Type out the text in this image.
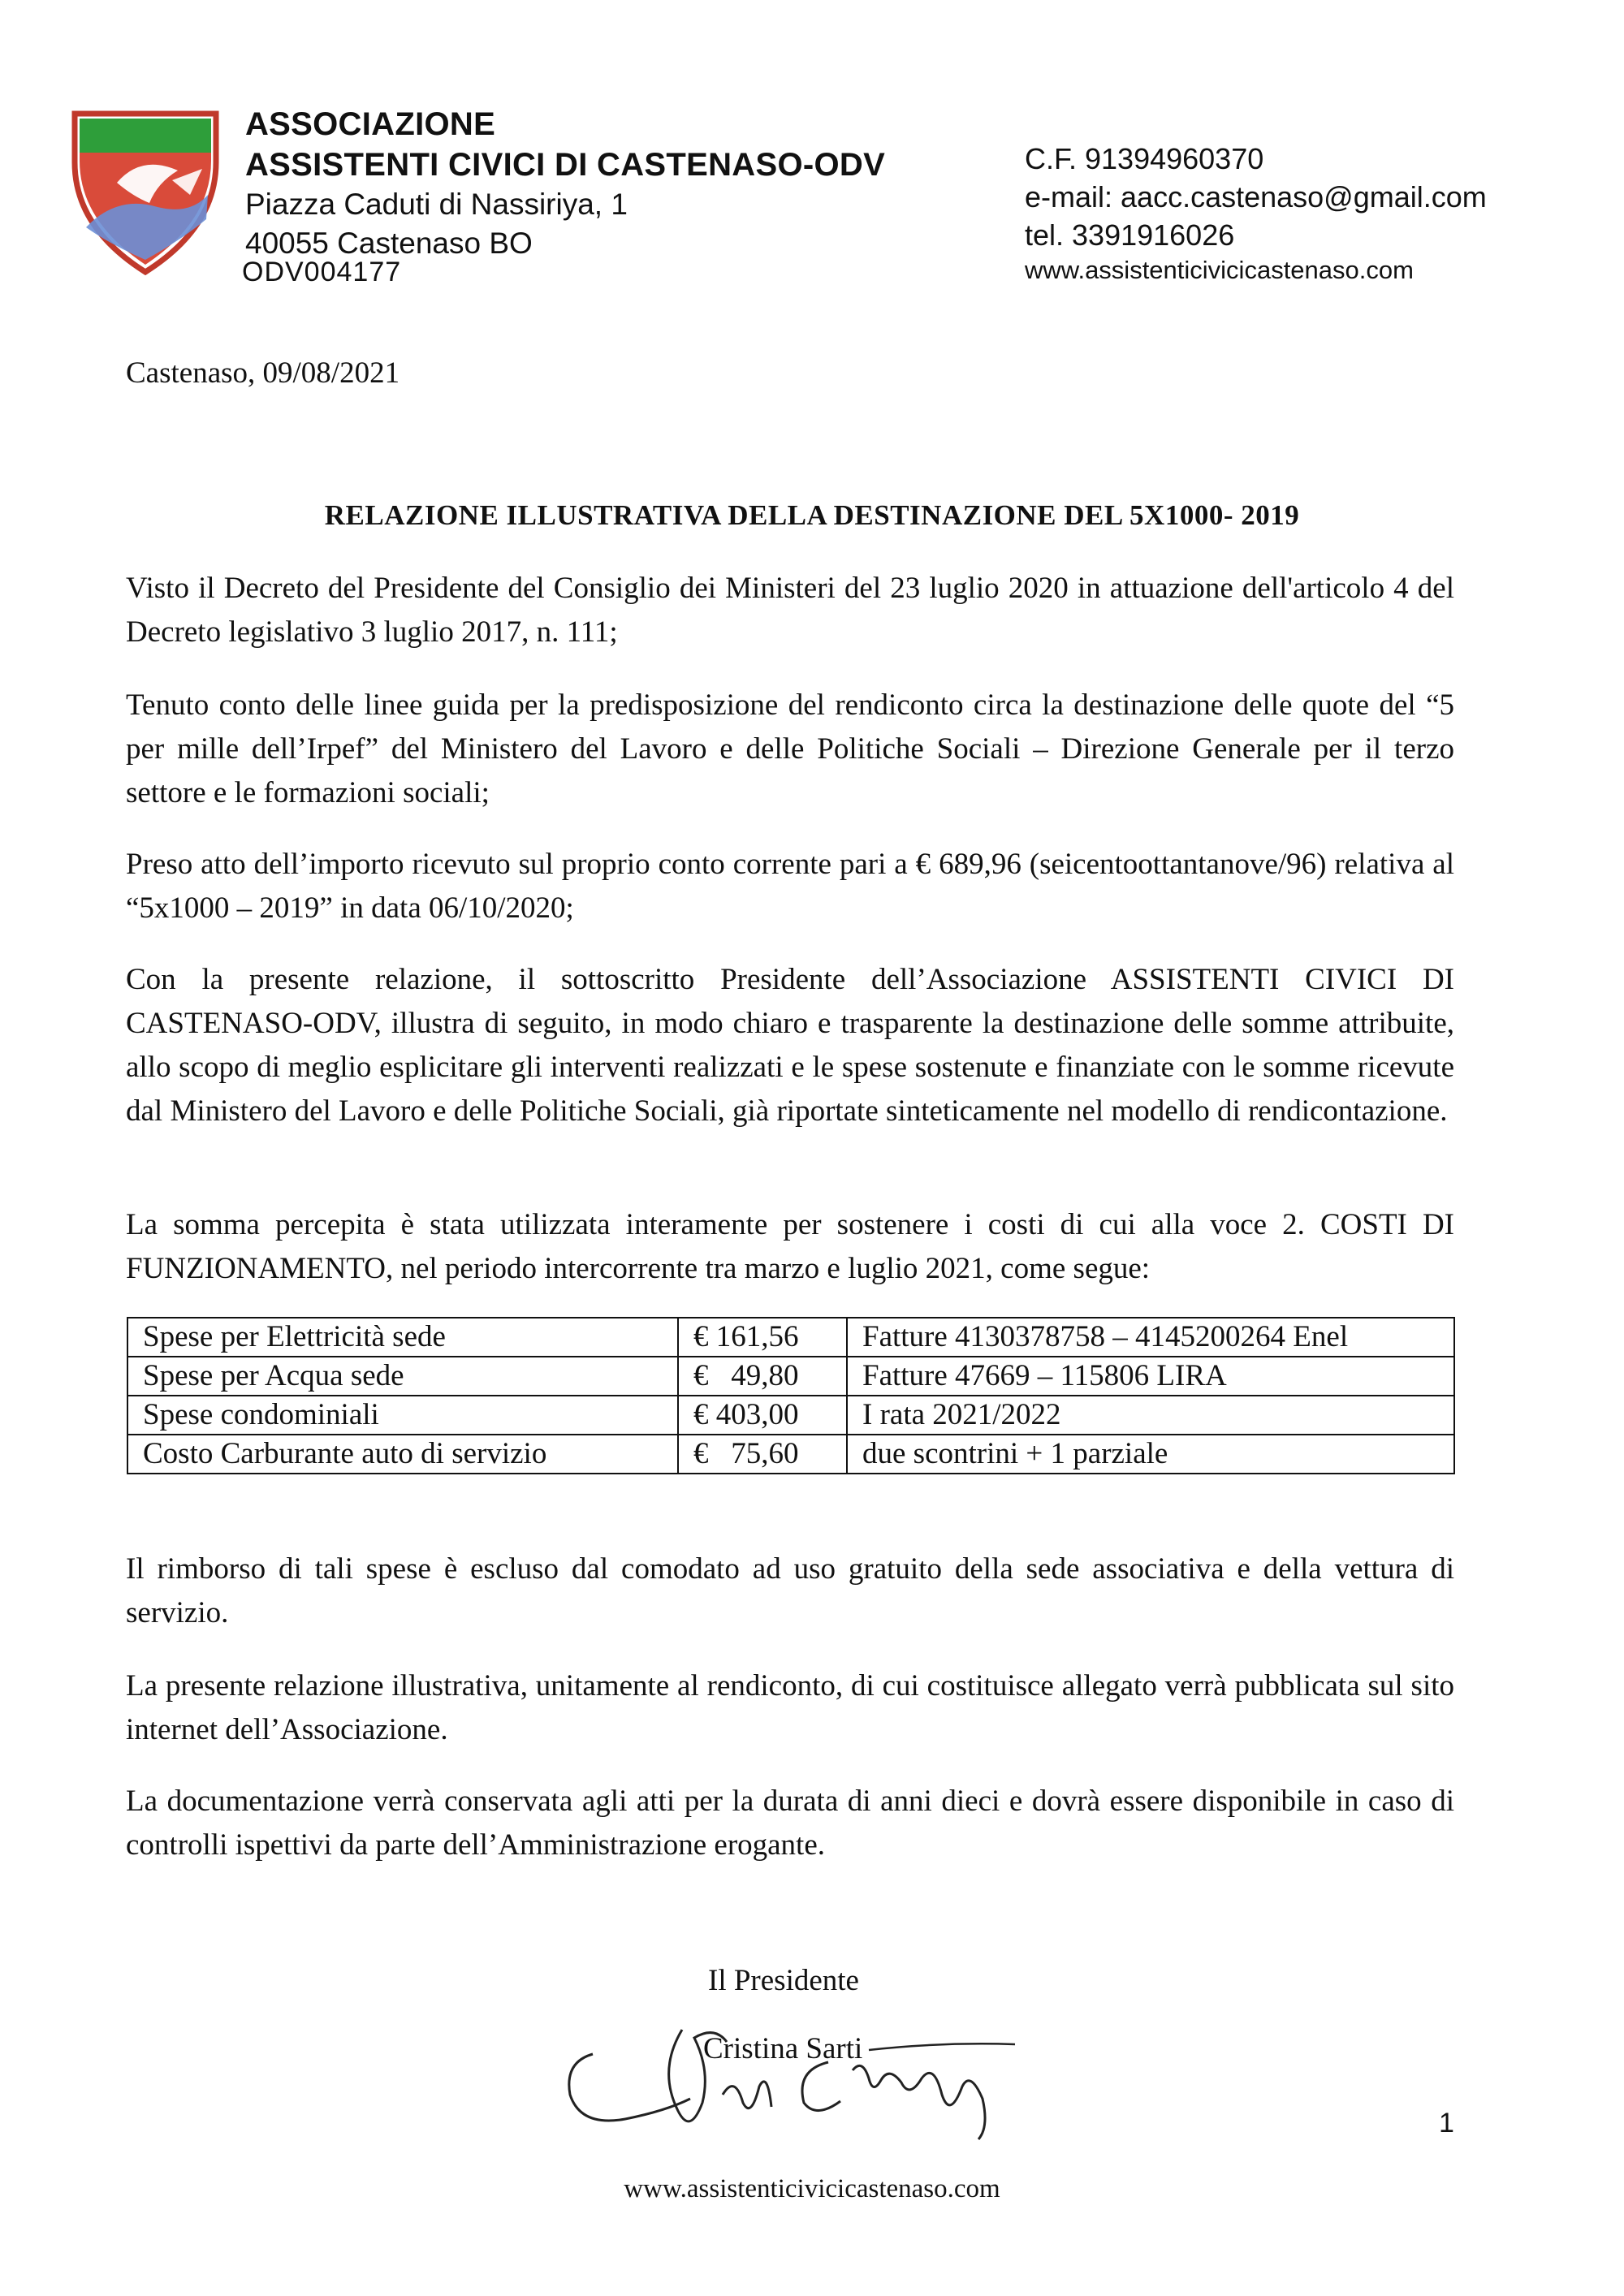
ASSOCIAZIONE
ASSISTENTI CIVICI DI CASTENASO-ODV
Piazza Caduti di Nassiriya, 1
40055 Castenaso BO
ODV004177
C.F. 91394960370
e-mail: aacc.castenaso@gmail.com
tel. 3391916026
www.assistenticivicicastenaso.com
Castenaso, 09/08/2021
RELAZIONE ILLUSTRATIVA DELLA DESTINAZIONE DEL 5X1000- 2019
Visto il Decreto del Presidente del Consiglio dei Ministeri del 23 luglio 2020 in attuazione dell'articolo 4 del Decreto legislativo 3 luglio 2017, n. 111;
Tenuto conto delle linee guida per la predisposizione del rendiconto circa la destinazione delle quote del “5 per mille dell’Irpef” del Ministero del Lavoro e delle Politiche Sociali – Direzione Generale per il terzo settore e le formazioni sociali;
Preso atto dell’importo ricevuto sul proprio conto corrente pari a € 689,96 (seicentoottantanove/96) relativa al “5x1000 – 2019” in data 06/10/2020;
Con la presente relazione, il sottoscritto Presidente dell’Associazione ASSISTENTI CIVICI DI CASTENASO-ODV, illustra di seguito, in modo chiaro e trasparente la destinazione delle somme attribuite, allo scopo di meglio esplicitare gli interventi realizzati e le spese sostenute e finanziate con le somme ricevute dal Ministero del Lavoro e delle Politiche Sociali, già riportate sinteticamente nel modello di rendicontazione.
La somma percepita è stata utilizzata interamente per sostenere i costi di cui alla voce 2. COSTI DI FUNZIONAMENTO, nel periodo intercorrente tra marzo e luglio 2021, come segue:
Spese per Elettricità sede	€ 161,56	Fatture 4130378758 – 4145200264 Enel
Spese per Acqua sede	€   49,80	Fatture 47669 – 115806 LIRA
Spese condominiali	€ 403,00	I rata 2021/2022
Costo Carburante auto di servizio	€   75,60	due scontrini + 1 parziale
Il rimborso di tali spese è escluso dal comodato ad uso gratuito della sede associativa e della vettura di servizio.
La presente relazione illustrativa, unitamente al rendiconto, di cui costituisce allegato verrà pubblicata sul sito internet dell’Associazione.
La documentazione verrà conservata agli atti per la durata di anni dieci e dovrà essere disponibile in caso di controlli ispettivi da parte dell’Amministrazione erogante.
Il Presidente
Cristina Sarti
1
www.assistenticivicicastenaso.com
